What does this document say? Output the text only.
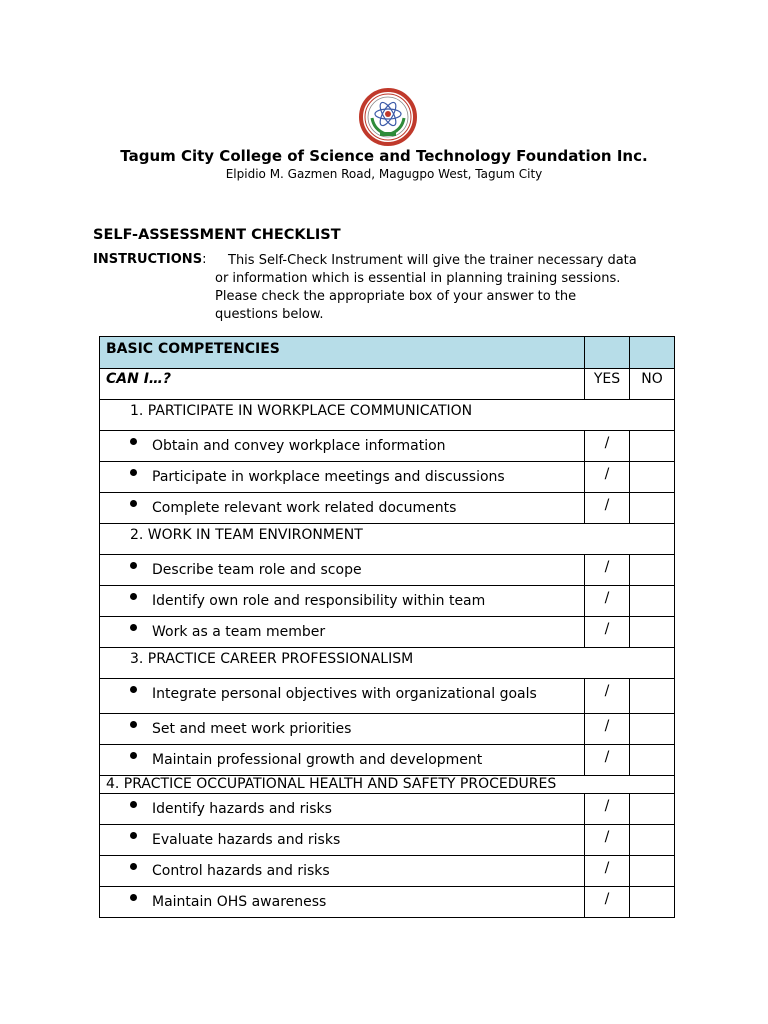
Tagum City College of Science and Technology Foundation Inc.
Elpidio M. Gazmen Road, Magugpo West, Tagum City
SELF-ASSESSMENT CHECKLIST
INSTRUCTIONS:	This Self-Check Instrument will give the trainer necessary data
or information which is essential in planning training sessions.
Please check the appropriate box of your answer to the
questions below.
BASIC COMPETENCIES		
CAN I…?	YES	NO
1. PARTICIPATE IN WORKPLACE COMMUNICATION		

Obtain and convey workplace information	/	

Participate in workplace meetings and discussions	/	

Complete relevant work related documents	/	
2. WORK IN TEAM ENVIRONMENT		

Describe team role and scope	/	

Identify own role and responsibility within team	/	

Work as a team member	/	
3. PRACTICE CAREER PROFESSIONALISM		

Integrate personal objectives with organizational goals	/	

Set and meet work priorities	/	

Maintain professional growth and development	/	
4. PRACTICE OCCUPATIONAL HEALTH AND SAFETY PROCEDURES		

Identify hazards and risks	/	

Evaluate hazards and risks	/	

Control hazards and risks	/	

Maintain OHS awareness	/	
